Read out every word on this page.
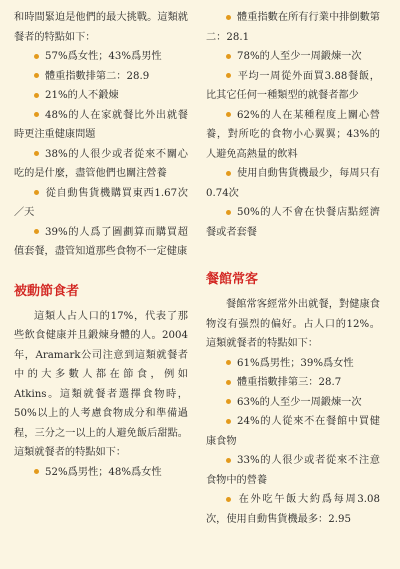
和時間緊迫是他們的最大挑戰。這類就餐者的特點如下：

57%爲女性；43%爲男性

體重指數排第二：28.9

21%的人不鍛煉

48%的人在家就餐比外出就餐時更注重健康問題

38%的人很少或者從來不關心吃的是什麼，盡管他們也關注營養

從自動售貨機購買東西1.67次／天

39%的人爲了圖劃算而購買超值套餐，盡管知道那些食物不一定健康

被動節食者

這類人占人口的17%，代表了那些飲食健康并且鍛煉身體的人。2004年，Aramark公司注意到這類就餐者中的大多數人都在節食，例如Atkins。這類就餐者選擇食物時，50%以上的人考慮食物成分和準備過程，三分之一以上的人避免飯后甜點。這類就餐者的特點如下：

52%爲男性；48%爲女性

體重指數在所有行業中排倒數第二：28.1

78%的人至少一周鍛煉一次

平均一周從外面買3.88餐飯，比其它任何一種類型的就餐者都少

62%的人在某種程度上關心營養，對所吃的食物小心翼翼；43%的人避免高熱量的飲料

使用自動售貨機最少，每周只有0.74次

50%的人不會在快餐店點經濟餐或者套餐

餐館常客

餐館常客經常外出就餐，對健康食物沒有强烈的偏好。占人口的12%。這類就餐者的特點如下：

61%爲男性；39%爲女性

體重指數排第三：28.7

63%的人至少一周鍛煉一次

24%的人從來不在餐館中買健康食物

33%的人很少或者從來不注意食物中的營養

在外吃午飯大約爲每周3.08次，使用自動售貨機最多：2.95
